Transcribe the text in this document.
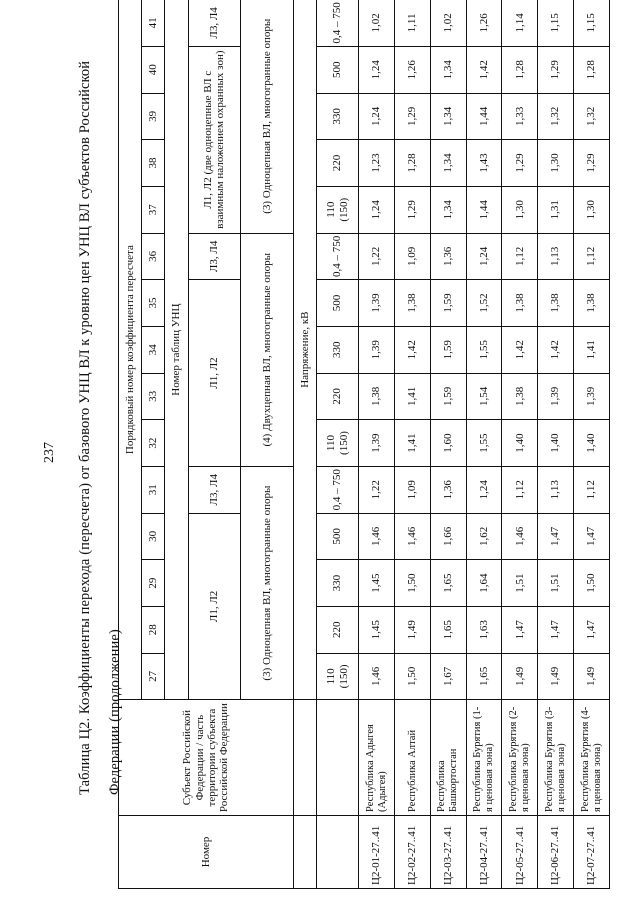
237	Таблица Ц2. Коэффициенты перехода (пересчета) от базового УНЦ ВЛ к уровню цен УНЦ ВЛ субъектов Российской Федерации (продолжение)

Номер	Субъект Российской Федерации / часть территории субъекта Российской Федерации	Порядковый номер коэффициента пересчета														
		27	28	29	30	31	32	33	34	35	36	37	38	39	40	41
		Номер таблиц УНЦ														
		Л1, Л2				Л3, Л4	Л1, Л2				Л3, Л4	Л1, Л2 (две одноцепные ВЛ с взаимным наложением охранных зон)				Л3, Л4
		(3) Одноцепная ВЛ, многогранные опоры					(4) Двухцепная ВЛ, многогранные опоры					(3) Одноцепная ВЛ, многогранные опоры				
		Напряжение, кВ														
		110 (150)	220	330	500	0,4 – 750	110 (150)	220	330	500	0,4 – 750	110 (150)	220	330	500	0,4 – 750
Ц2-01-27..41	Республика Адыгея (Адыгея)	1,46	1,45	1,45	1,46	1,22	1,39	1,38	1,39	1,39	1,22	1,24	1,23	1,24	1,24	1,02
Ц2-02-27..41	Республика Алтай	1,50	1,49	1,50	1,46	1,09	1,41	1,41	1,42	1,38	1,09	1,29	1,28	1,29	1,26	1,11
Ц2-03-27..41	Республика Башкортостан	1,67	1,65	1,65	1,66	1,36	1,60	1,59	1,59	1,59	1,36	1,34	1,34	1,34	1,34	1,02
Ц2-04-27..41	Республика Бурятия (1-я ценовая зона)	1,65	1,63	1,64	1,62	1,24	1,55	1,54	1,55	1,52	1,24	1,44	1,43	1,44	1,42	1,26
Ц2-05-27..41	Республика Бурятия (2-я ценовая зона)	1,49	1,47	1,51	1,46	1,12	1,40	1,38	1,42	1,38	1,12	1,30	1,29	1,33	1,28	1,14
Ц2-06-27..41	Республика Бурятия (3-я ценовая зона)	1,49	1,47	1,51	1,47	1,13	1,40	1,39	1,42	1,38	1,13	1,31	1,30	1,32	1,29	1,15
Ц2-07-27..41	Республика Бурятия (4-я ценовая зона)	1,49	1,47	1,50	1,47	1,12	1,40	1,39	1,41	1,38	1,12	1,30	1,29	1,32	1,28	1,15
